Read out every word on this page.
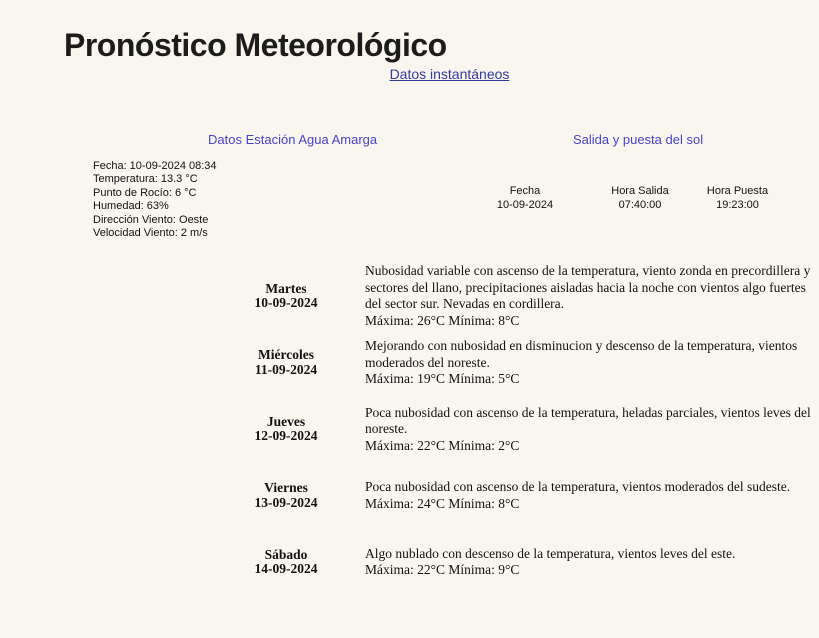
Pronóstico Meteorológico
Datos instantáneos
Datos Estación Agua Amarga	Salida y puesta del sol
Fecha: 10-09-2024 08:34
Temperatura: 13.3 °C
Punto de Rocío: 6 °C
Humedad: 63%
Dirección Viento: Oeste
Velocidad Viento: 2 m/s
Fecha
10-09-2024
Hora Salida
07:40:00
Hora Puesta
19:23:00
Martes
10-09-2024
Nubosidad variable con ascenso de la temperatura, viento zonda en precordillera y sectores del llano, precipitaciones aisladas hacia la noche con vientos algo fuertes del sector sur. Nevadas en cordillera.
Máxima: 26°C Mínima: 8°C
Miércoles
11-09-2024
Mejorando con nubosidad en disminucion y descenso de la temperatura, vientos moderados del noreste.
Máxima: 19°C Mínima: 5°C
Jueves
12-09-2024
Poca nubosidad con ascenso de la temperatura, heladas parciales, vientos leves del noreste.
Máxima: 22°C Mínima: 2°C
Viernes
13-09-2024
Poca nubosidad con ascenso de la temperatura, vientos moderados del sudeste.
Máxima: 24°C Mínima: 8°C
Sábado
14-09-2024
Algo nublado con descenso de la temperatura, vientos leves del este.
Máxima: 22°C Mínima: 9°C
